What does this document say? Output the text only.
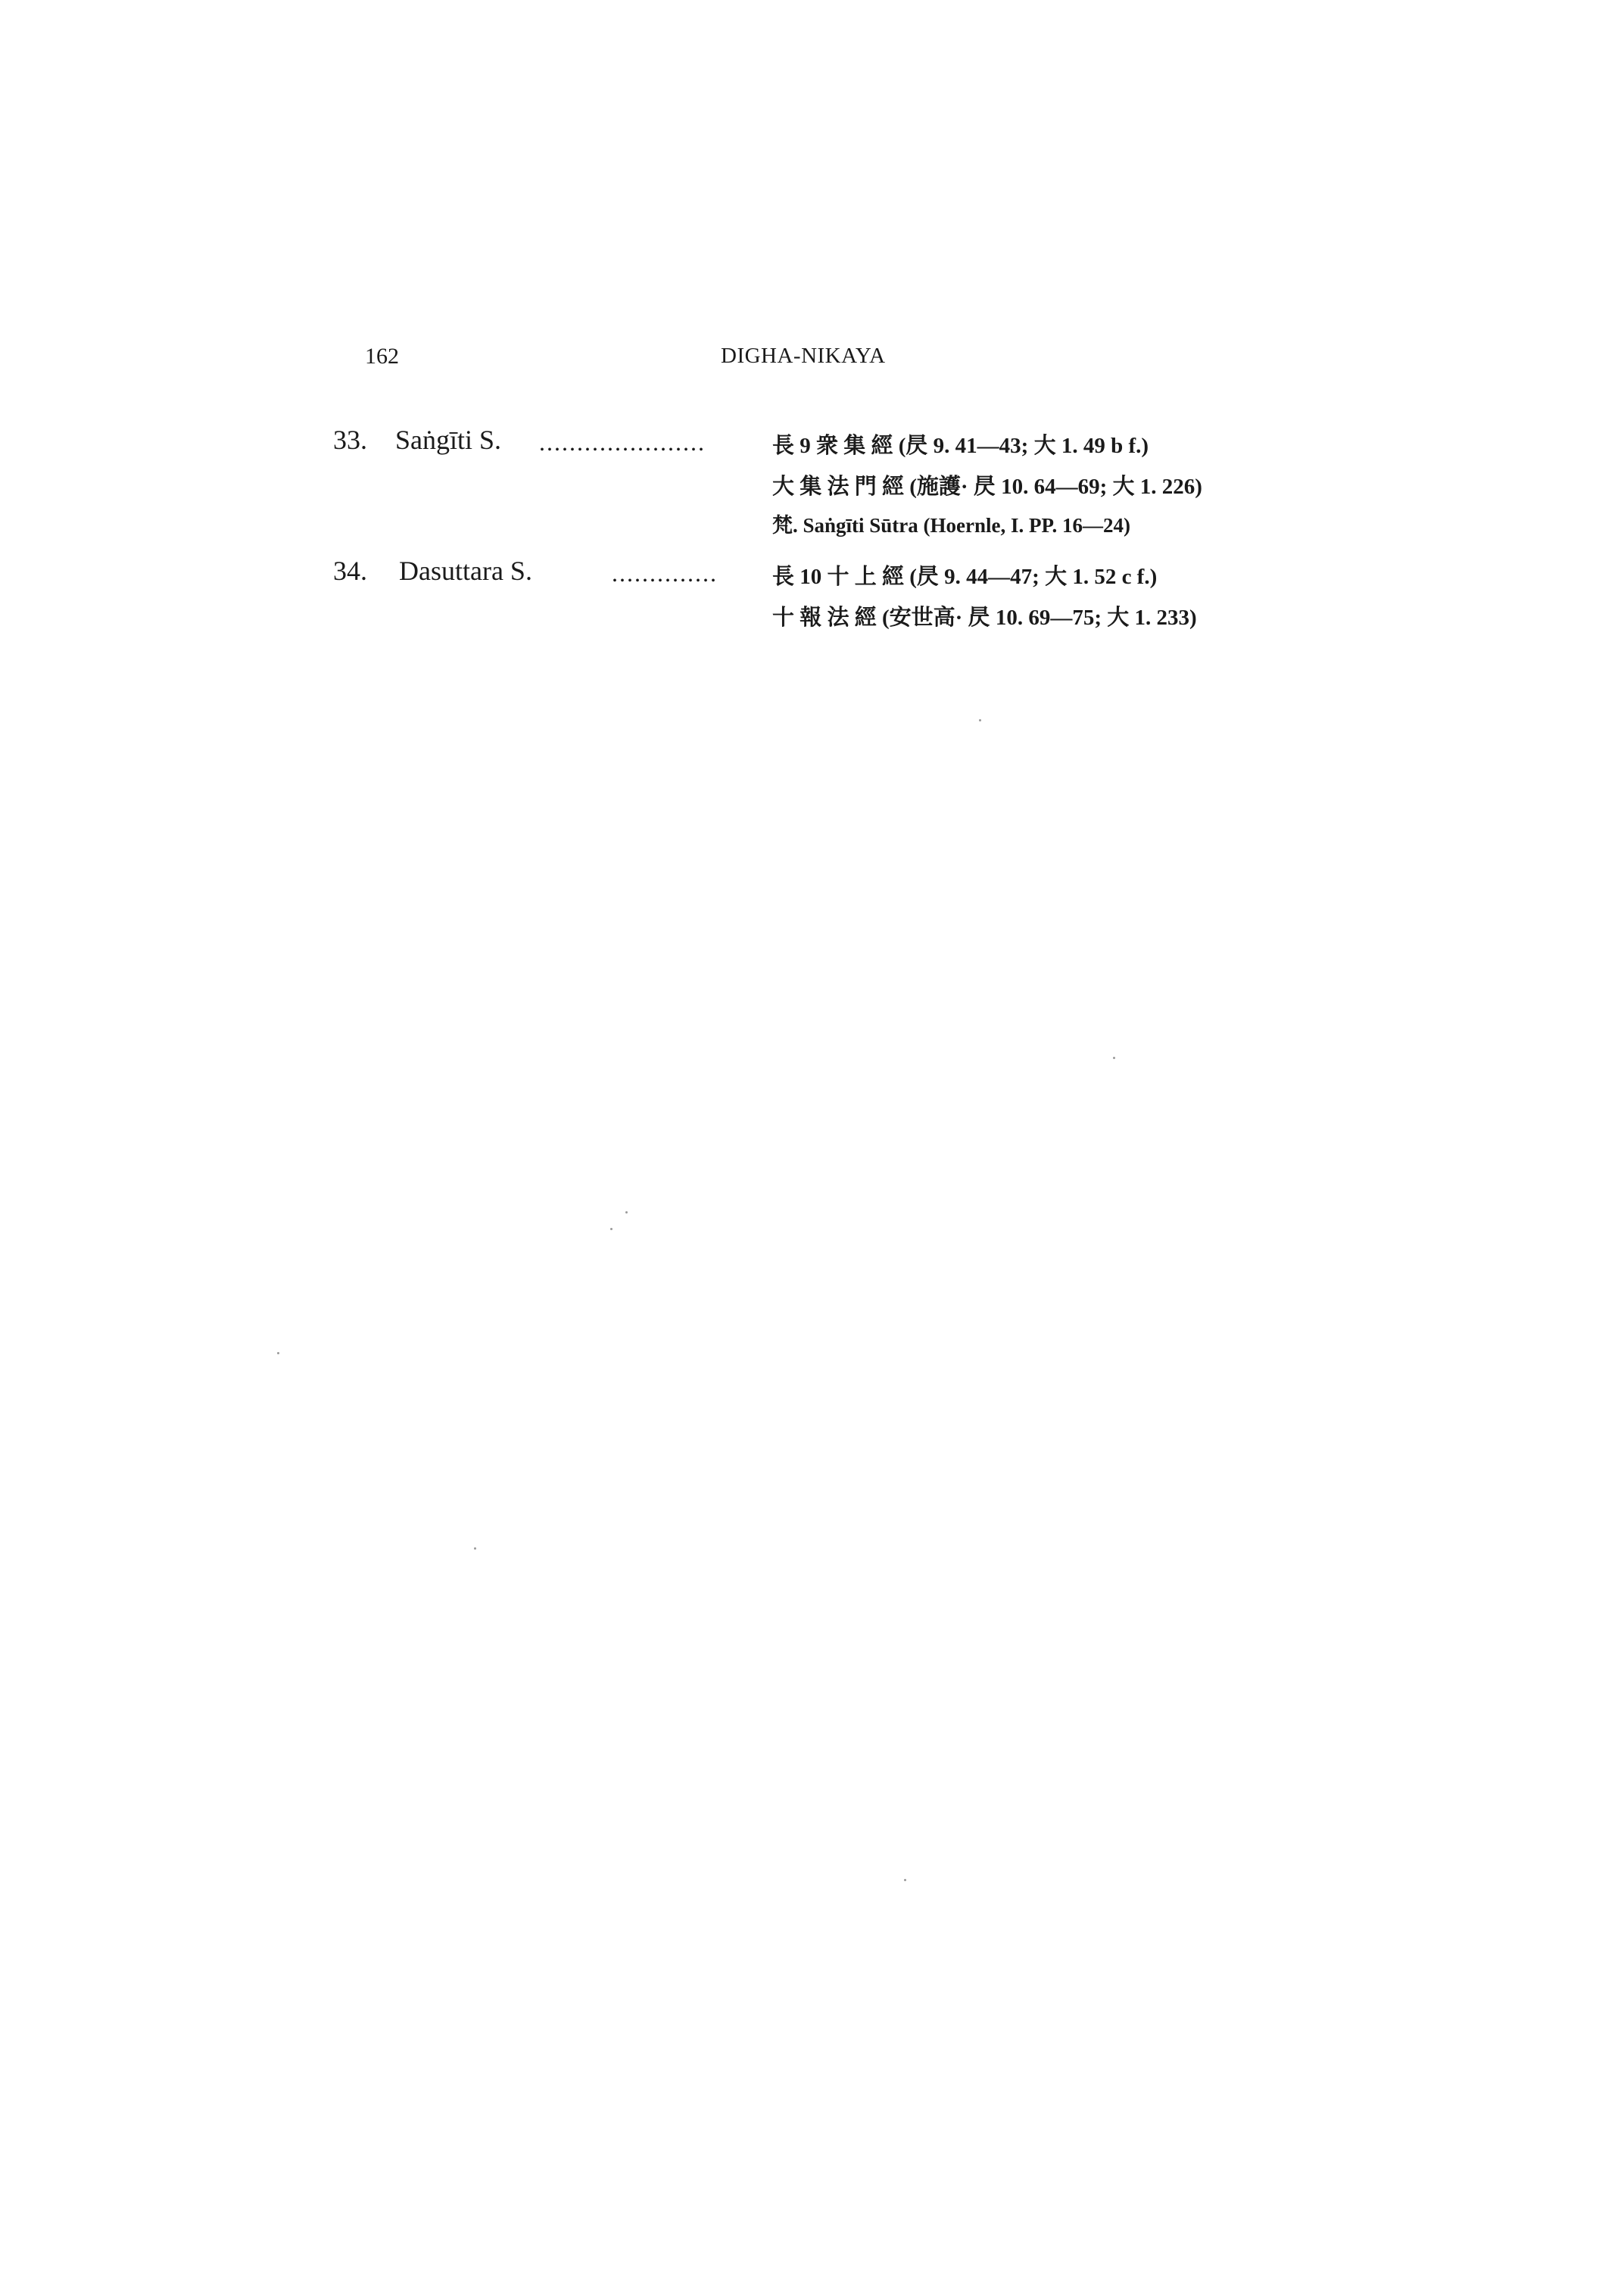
162	DIGHA-NIKAYA
33. Saṅgīti S. ......................	長 9 衆 集 經 (昃 9. 41—43; 大 1. 49 b f.)
大 集 法 門 經 (施護· 昃 10. 64—69; 大 1. 226)
梵. Saṅgīti Sūtra (Hoernle, I. PP. 16—24)
34. Dasuttara S.	..............	長 10 十 上 經 (昃 9. 44—47; 大 1. 52 c f.)
十 報 法 經 (安世高· 昃 10. 69—75; 大 1. 233)
